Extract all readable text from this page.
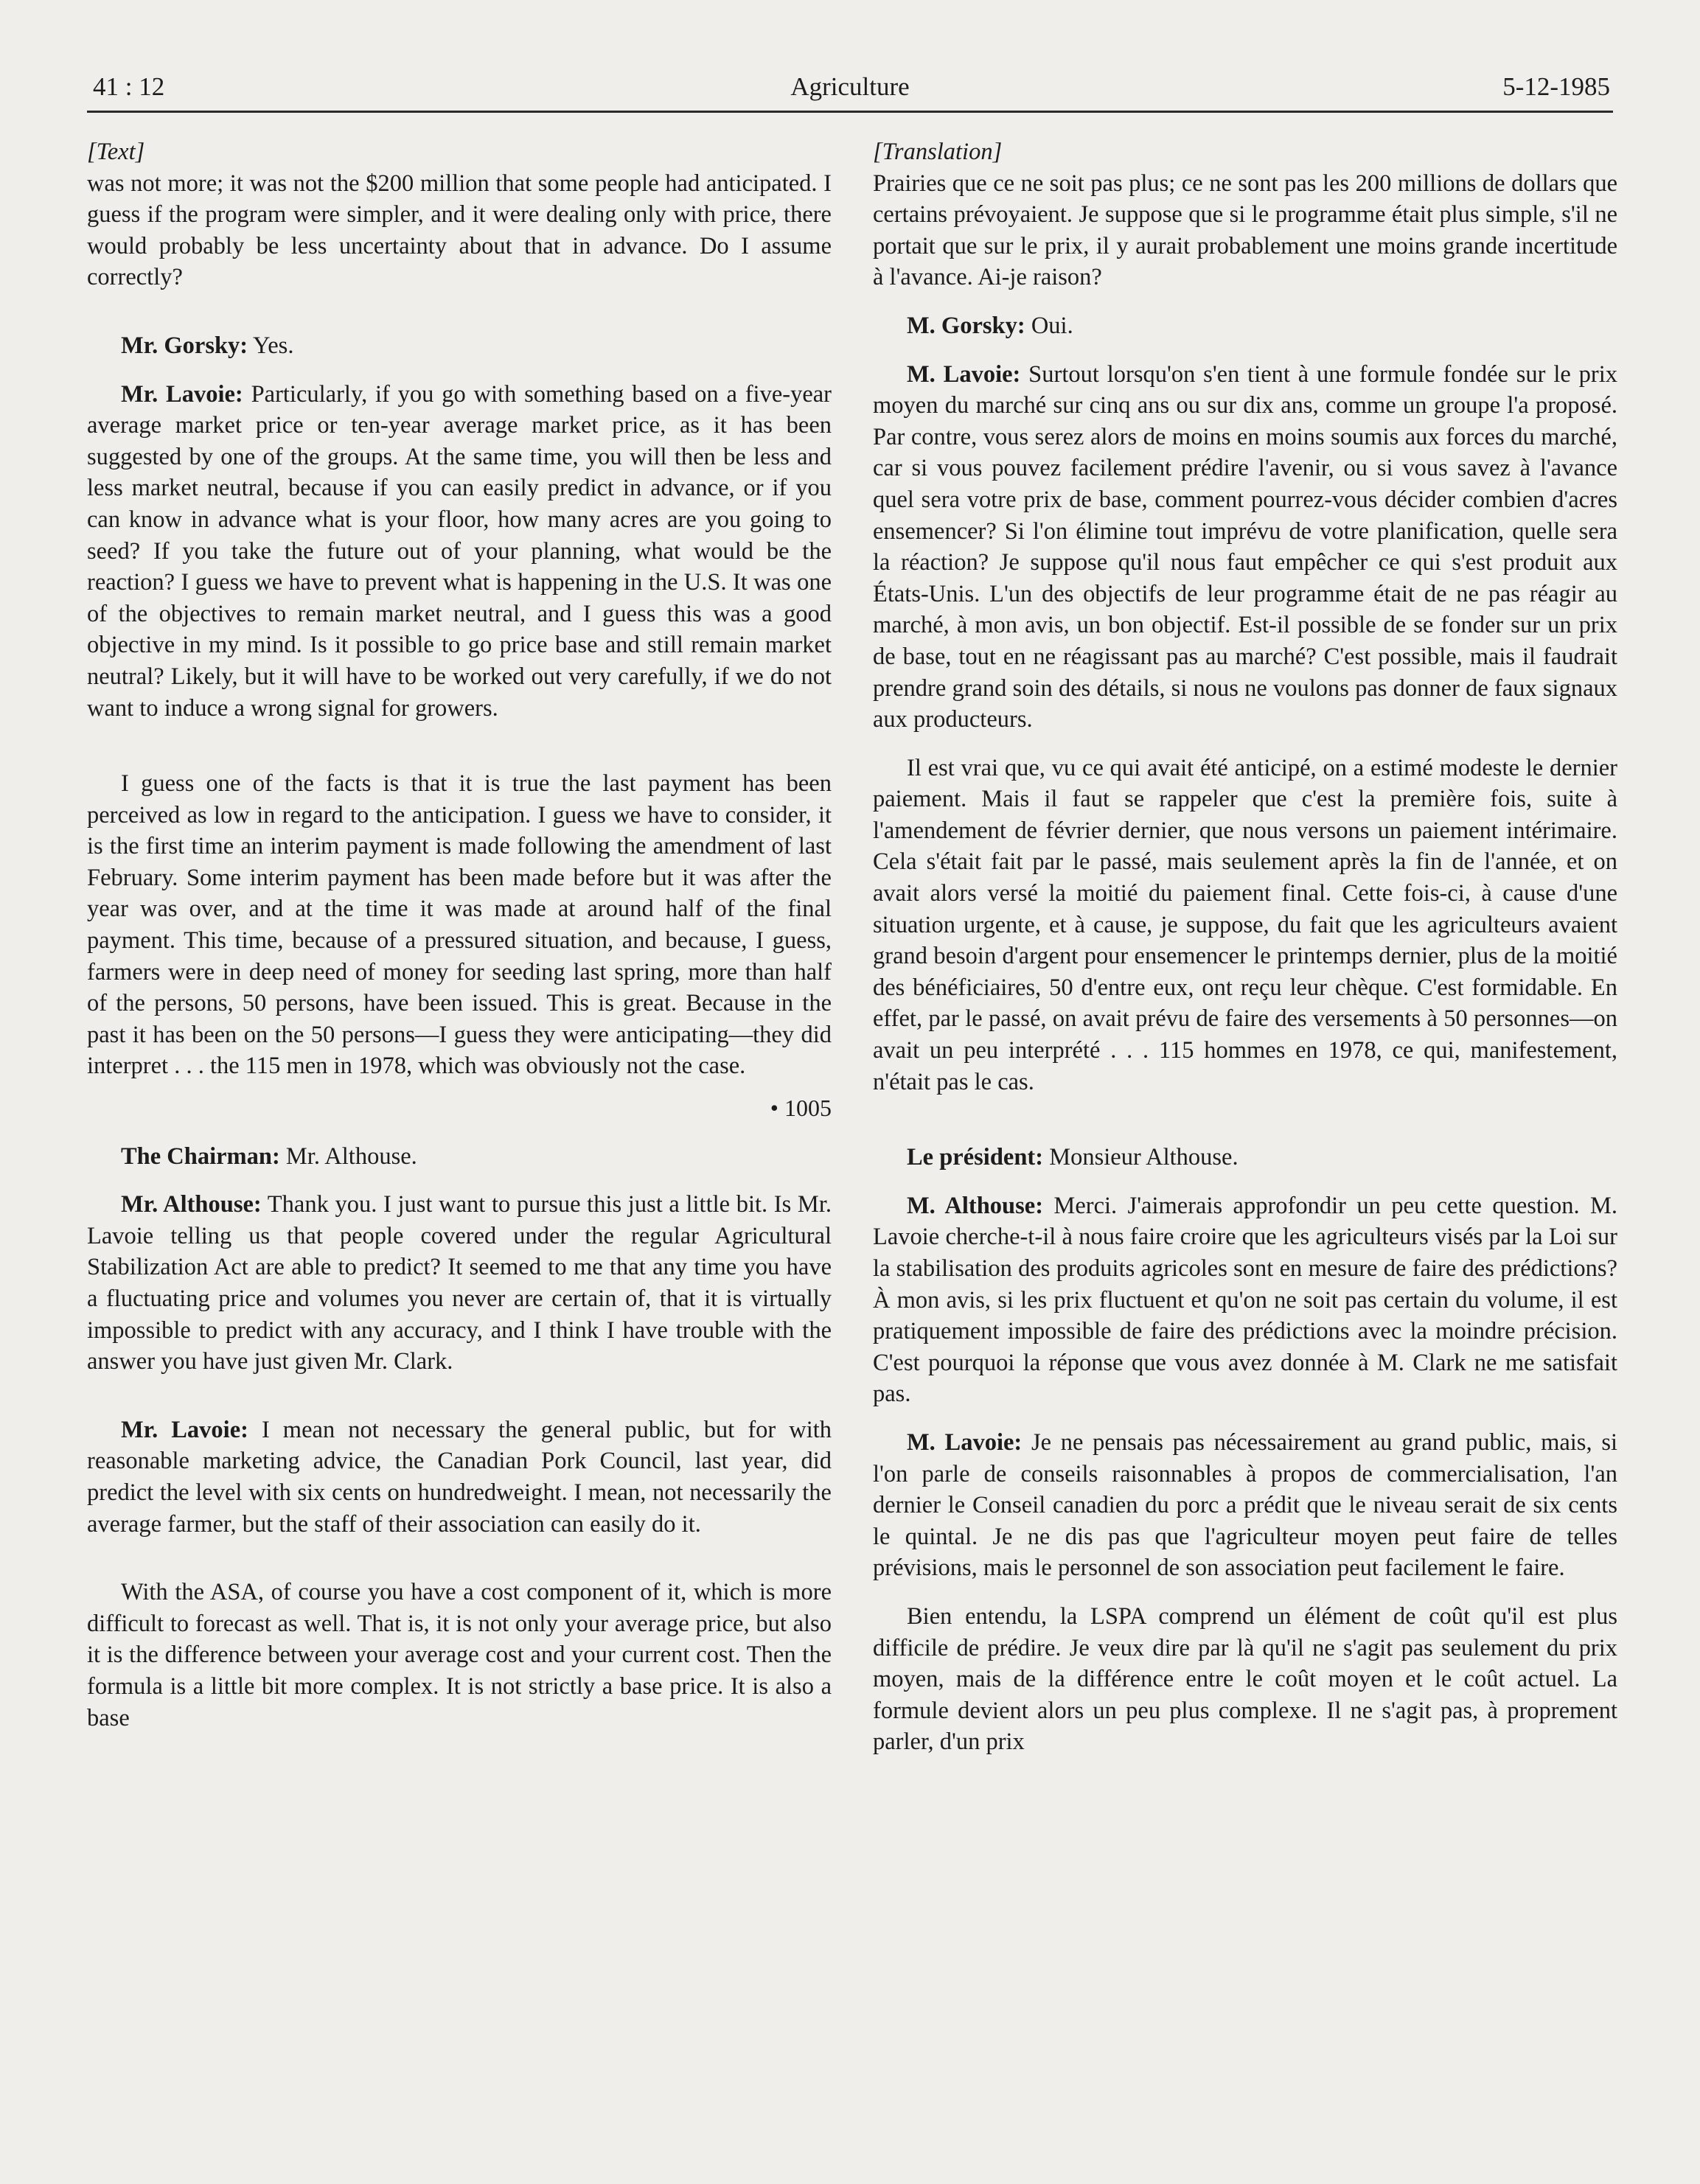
41 : 12	Agriculture	5-12-1985

[Text]

was not more; it was not the $200 million that some people had anticipated. I guess if the program were simpler, and it were dealing only with price, there would probably be less uncertainty about that in advance. Do I assume correctly?

Mr. Gorsky: Yes.

Mr. Lavoie: Particularly, if you go with something based on a five-year average market price or ten-year average market price, as it has been suggested by one of the groups. At the same time, you will then be less and less market neutral, because if you can easily predict in advance, or if you can know in advance what is your floor, how many acres are you going to seed? If you take the future out of your planning, what would be the reaction? I guess we have to prevent what is happening in the U.S. It was one of the objectives to remain market neutral, and I guess this was a good objective in my mind. Is it possible to go price base and still remain market neutral? Likely, but it will have to be worked out very carefully, if we do not want to induce a wrong signal for growers.

I guess one of the facts is that it is true the last payment has been perceived as low in regard to the anticipation. I guess we have to consider, it is the first time an interim payment is made following the amendment of last February. Some interim payment has been made before but it was after the year was over, and at the time it was made at around half of the final payment. This time, because of a pressured situation, and because, I guess, farmers were in deep need of money for seeding last spring, more than half of the persons, 50 persons, have been issued. This is great. Because in the past it has been on the 50 persons—I guess they were anticipating—they did interpret . . . the 115 men in 1978, which was obviously not the case.

• 1005

The Chairman: Mr. Althouse.

Mr. Althouse: Thank you. I just want to pursue this just a little bit. Is Mr. Lavoie telling us that people covered under the regular Agricultural Stabilization Act are able to predict? It seemed to me that any time you have a fluctuating price and volumes you never are certain of, that it is virtually impossible to predict with any accuracy, and I think I have trouble with the answer you have just given Mr. Clark.

Mr. Lavoie: I mean not necessary the general public, but for with reasonable marketing advice, the Canadian Pork Council, last year, did predict the level with six cents on hundredweight. I mean, not necessarily the average farmer, but the staff of their association can easily do it.

With the ASA, of course you have a cost component of it, which is more difficult to forecast as well. That is, it is not only your average price, but also it is the difference between your average cost and your current cost. Then the formula is a little bit more complex. It is not strictly a base price. It is also a base

[Translation]

Prairies que ce ne soit pas plus; ce ne sont pas les 200 millions de dollars que certains prévoyaient. Je suppose que si le programme était plus simple, s'il ne portait que sur le prix, il y aurait probablement une moins grande incertitude à l'avance. Ai-je raison?

M. Gorsky: Oui.

M. Lavoie: Surtout lorsqu'on s'en tient à une formule fondée sur le prix moyen du marché sur cinq ans ou sur dix ans, comme un groupe l'a proposé. Par contre, vous serez alors de moins en moins soumis aux forces du marché, car si vous pouvez facilement prédire l'avenir, ou si vous savez à l'avance quel sera votre prix de base, comment pourrez-vous décider combien d'acres ensemencer? Si l'on élimine tout imprévu de votre planification, quelle sera la réaction? Je suppose qu'il nous faut empêcher ce qui s'est produit aux États-Unis. L'un des objectifs de leur programme était de ne pas réagir au marché, à mon avis, un bon objectif. Est-il possible de se fonder sur un prix de base, tout en ne réagissant pas au marché? C'est possible, mais il faudrait prendre grand soin des détails, si nous ne voulons pas donner de faux signaux aux producteurs.

Il est vrai que, vu ce qui avait été anticipé, on a estimé modeste le dernier paiement. Mais il faut se rappeler que c'est la première fois, suite à l'amendement de février dernier, que nous versons un paiement intérimaire. Cela s'était fait par le passé, mais seulement après la fin de l'année, et on avait alors versé la moitié du paiement final. Cette fois-ci, à cause d'une situation urgente, et à cause, je suppose, du fait que les agriculteurs avaient grand besoin d'argent pour ensemencer le printemps dernier, plus de la moitié des bénéficiaires, 50 d'entre eux, ont reçu leur chèque. C'est formidable. En effet, par le passé, on avait prévu de faire des versements à 50 personnes—on avait un peu interprété . . . 115 hommes en 1978, ce qui, manifestement, n'était pas le cas.

Le président: Monsieur Althouse.

M. Althouse: Merci. J'aimerais approfondir un peu cette question. M. Lavoie cherche-t-il à nous faire croire que les agriculteurs visés par la Loi sur la stabilisation des produits agricoles sont en mesure de faire des prédictions? À mon avis, si les prix fluctuent et qu'on ne soit pas certain du volume, il est pratiquement impossible de faire des prédictions avec la moindre précision. C'est pourquoi la réponse que vous avez donnée à M. Clark ne me satisfait pas.

M. Lavoie: Je ne pensais pas nécessairement au grand public, mais, si l'on parle de conseils raisonnables à propos de commercialisation, l'an dernier le Conseil canadien du porc a prédit que le niveau serait de six cents le quintal. Je ne dis pas que l'agriculteur moyen peut faire de telles prévisions, mais le personnel de son association peut facilement le faire.

Bien entendu, la LSPA comprend un élément de coût qu'il est plus difficile de prédire. Je veux dire par là qu'il ne s'agit pas seulement du prix moyen, mais de la différence entre le coût moyen et le coût actuel. La formule devient alors un peu plus complexe. Il ne s'agit pas, à proprement parler, d'un prix
